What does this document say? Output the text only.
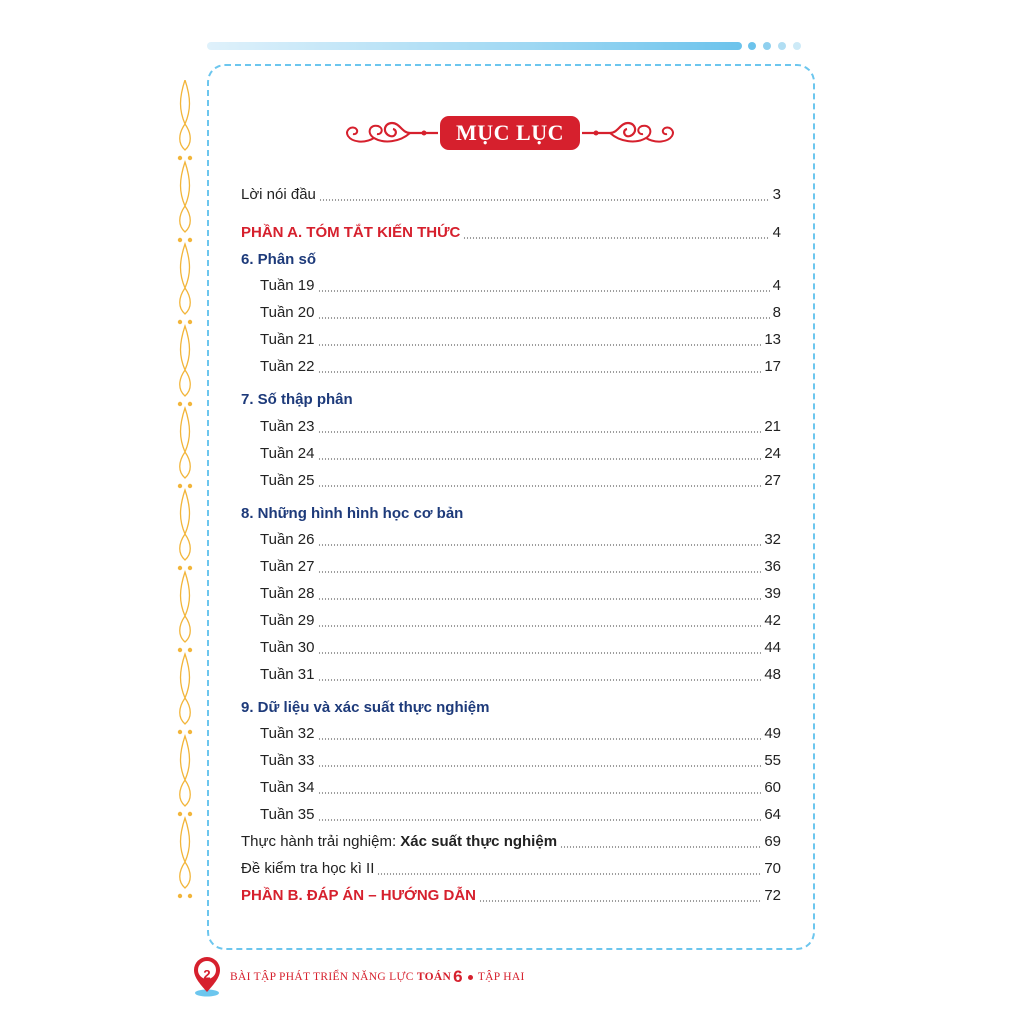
MỤC LỤC
Lời nói đầu	3
PHẦN A. TÓM TẮT KIẾN THỨC	4
6. Phân số
Tuần 19	4
Tuần 20	8
Tuần 21	13
Tuần 22	17
7. Số thập phân
Tuần 23	21
Tuần 24	24
Tuần 25	27
8. Những hình hình học cơ bản
Tuần 26	32
Tuần 27	36
Tuần 28	39
Tuần 29	42
Tuần 30	44
Tuần 31	48
9. Dữ liệu và xác suất thực nghiệm
Tuần 32	49
Tuần 33	55
Tuần 34	60
Tuần 35	64
Thực hành trải nghiệm: Xác suất thực nghiệm	69
Đề kiểm tra học kì II	70
PHẦN B. ĐÁP ÁN – HƯỚNG DẪN	72
2	BÀI TẬP PHÁT TRIỂN NĂNG LỰC
TOÁN 6 TẬP HAI
